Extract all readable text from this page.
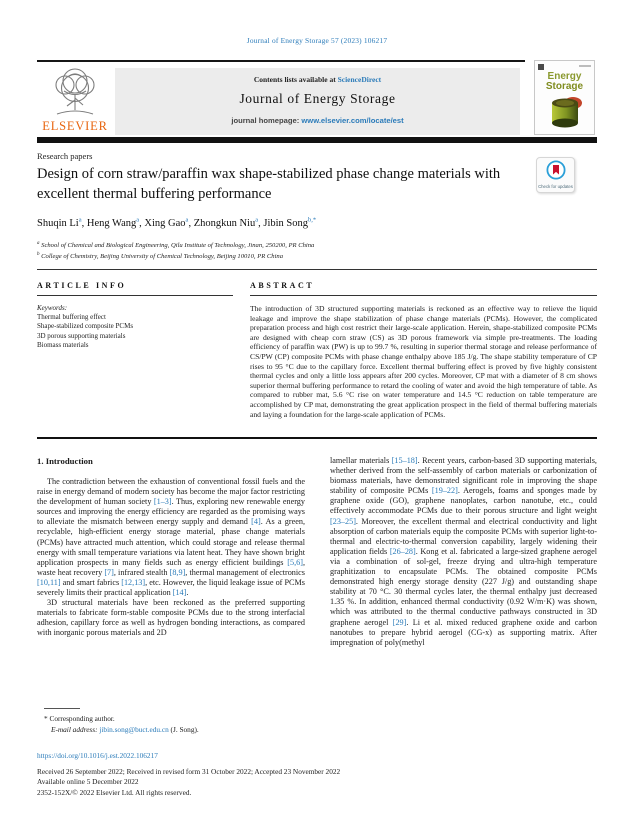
Journal of Energy Storage 57 (2023) 106217
ELSEVIER
Contents lists available at ScienceDirect
Journal of Energy Storage
journal homepage: www.elsevier.com/locate/est
Energy
Storage
Research papers
Design of corn straw/paraffin wax shape-stabilized phase change materials with excellent thermal buffering performance	Check for updates
Shuqin Li$^a$, Heng Wang$^a$, Xing Gao$^a$, Zhongkun Niu$^a$, Jibin Song$^{b,*}$
$^a$ School of Chemical and Biological Engineering, Qilu Institute of Technology, Jinan, 250200, PR China
$^b$ College of Chemistry, Beijing University of Chemical Technology, Beijing 10010, PR China
ARTICLE INFO
Keywords:
Thermal buffering effect
Shape-stabilized composite PCMs
3D porous supporting materials
Biomass materials
ABSTRACT
The introduction of 3D structured supporting materials is reckoned as an effective way to relieve the liquid leakage and improve the shape stabilization of phase change materials (PCMs). However, the complicated preparation process and high cost restrict their large-scale application. Herein, shape-stabilized composite PCMs are designed with cheap corn straw (CS) as 3D porous framework via simple pre-treatments. The loading efficiency of paraffin wax (PW) is up to 99.7 %, resulting in superior thermal storage and release performance of CS/PW (CP) composite PCMs with phase change enthalpy above 185 J/g. The shape stability temperature of CP rises to 95 °C due to the capillary force. Excellent thermal buffering effect is proved by five highly consistent thermal cycles and only a little loss appears after 200 cycles. Moreover, CP mat with a diameter of 8 cm shows superior thermal buffering performance to retard the cooling of water and avoid the high temperature of table. As compared to rubber mat, 5.6 °C rise on water temperature and 14.5 °C reduction on table temperature are accomplished by CP mat, demonstrating the great application prospect in the field of thermal buffering materials and laying a foundation for the large-scale application of PCMs.

1. Introduction

The contradiction between the exhaustion of conventional fossil fuels and the raise in energy demand of modern society has become the major factor restricting the development of human society [1–3]. Thus, exploring new renewable energy sources and improving the energy efficiency are regarded as the promising ways to alleviate the mismatch between energy supply and demand [4]. As a green, recyclable, high-efficient energy storage material, phase change materials (PCMs) have attracted much attention, which could storage and release thermal energy with small temperature variations via latent heat. They have shown bright application prospects in many fields such as energy efficient buildings [5,6], waste heat recovery [7], infrared stealth [8,9], thermal management of electronics [10,11] and smart fabrics [12,13], etc. However, the liquid leakage issue of PCMs severely limits their practical application [14].

3D structural materials have been reckoned as the preferred supporting materials to fabricate form-stable composite PCMs due to the strong interfacial adhesion, capillary force as well as hydrogen bonding interactions, as compared with inorganic porous materials and 2D

lamellar materials [15–18]. Recent years, carbon-based 3D supporting materials, whether derived from the self-assembly of carbon materials or carbonization of biomass materials, have demonstrated significant role in improving the shape stability of composite PCMs [19–22]. Aerogels, foams and sponges made by graphene oxide (GO), graphene nanoplates, carbon nanotube, etc., could effectively accommodate PCMs due to their porous structure and light weight [23–25]. Moreover, the excellent thermal and electrical conductivity and light absorption of carbon materials equip the composite PCMs with superior light-to-thermal and electric-to-thermal conversion capability, largely widening their application fields [26–28]. Kong et al. fabricated a large-sized graphene aerogel via a combination of sol-gel, freeze drying and ultra-high temperature graphitization to encapsulate PCMs. The obtained composite PCMs demonstrated high energy storage density (227 J/g) and outstanding shape stability at 70 °C. 30 thermal cycles later, the thermal enthalpy just decreased 1.35 %. In addition, enhanced thermal conductivity (0.92 W/m·K) was shown, which was attributed to the thermal conductive pathways constructed in 3D graphene aerogel [29]. Li et al. mixed reduced graphene oxide and carbon nanotubes to prepare hybrid aerogel (CG-x) as supporting matrix. After impregnation of poly(methyl

* Corresponding author.
E-mail address: jibin.song@buct.edu.cn (J. Song).
https://doi.org/10.1016/j.est.2022.106217
Received 26 September 2022; Received in revised form 31 October 2022; Accepted 23 November 2022
Available online 5 December 2022
2352-152X/© 2022 Elsevier Ltd. All rights reserved.
